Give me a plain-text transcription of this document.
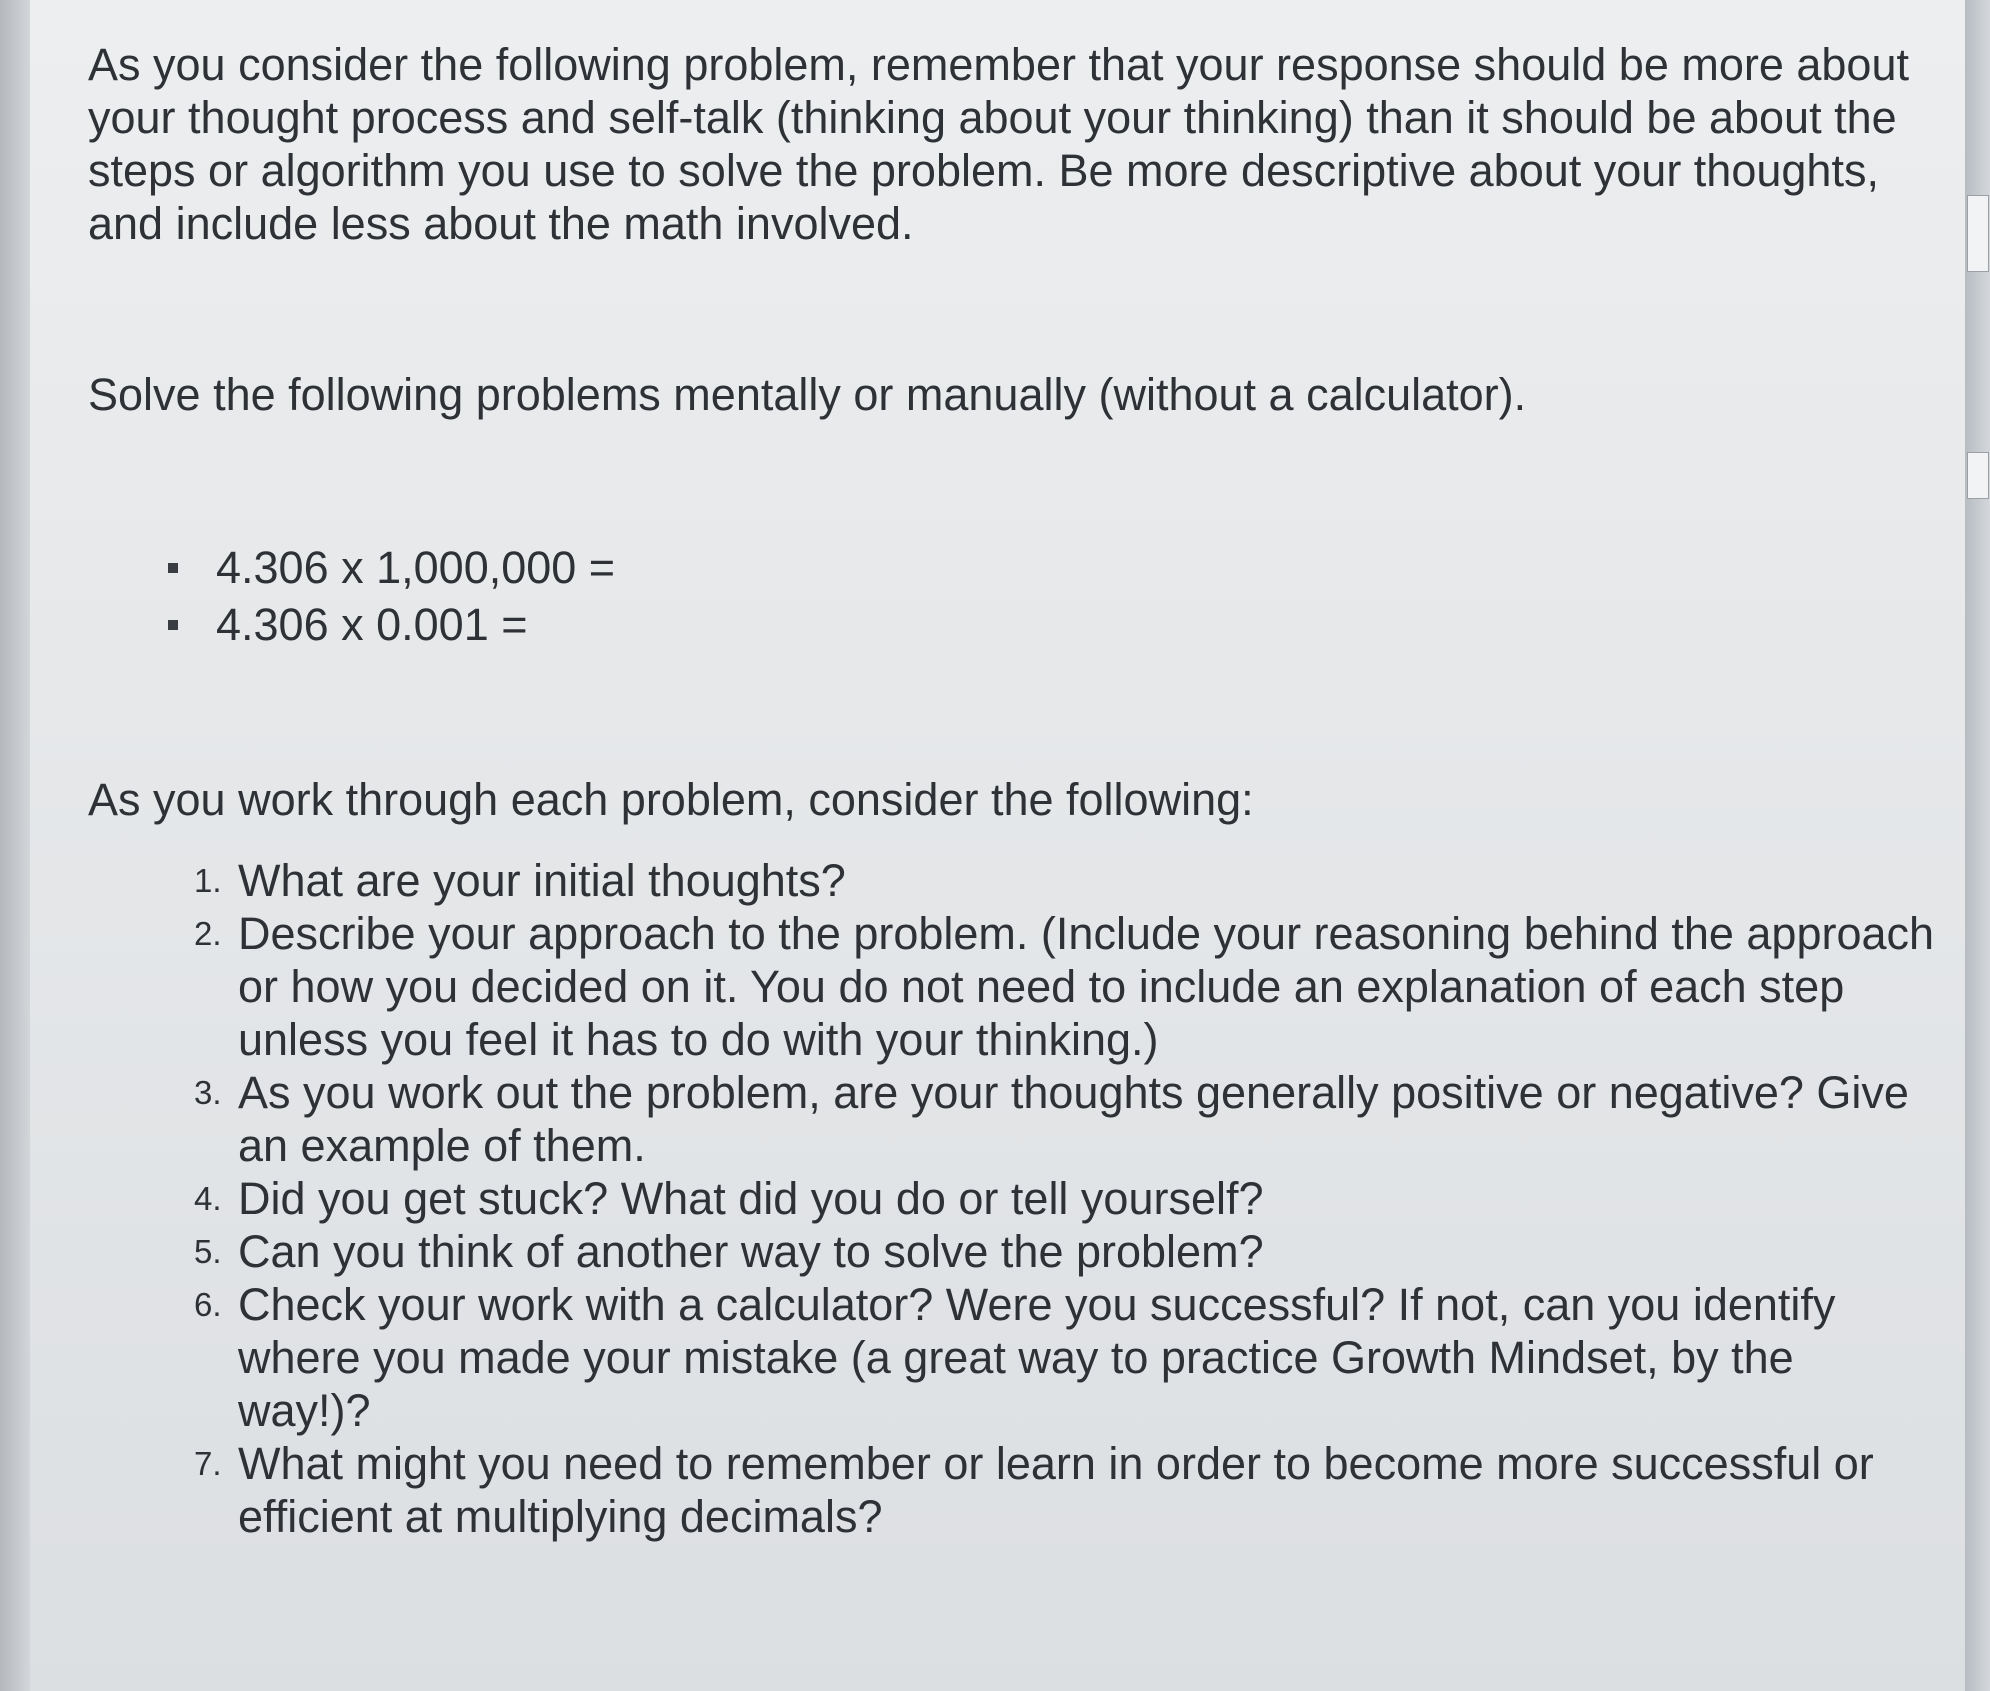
As you consider the following problem, remember that your response should be more about your thought process and self-talk (thinking about your thinking) than it should be about the steps or algorithm you use to solve the problem. Be more descriptive about your thoughts, and include less about the math involved.

Solve the following problems mentally or manually (without a calculator).

4.306 x 1,000,000 =
4.306 x 0.001 =

As you work through each problem, consider the following:

1. What are your initial thoughts?
2. Describe your approach to the problem. (Include your reasoning behind the approach or how you decided on it. You do not need to include an explanation of each step unless you feel it has to do with your thinking.)
3. As you work out the problem, are your thoughts generally positive or negative? Give an example of them.
4. Did you get stuck? What did you do or tell yourself?
5. Can you think of another way to solve the problem?
6. Check your work with a calculator? Were you successful? If not, can you identify where you made your mistake (a great way to practice Growth Mindset, by the way!)?
7. What might you need to remember or learn in order to become more successful or efficient at multiplying decimals?
